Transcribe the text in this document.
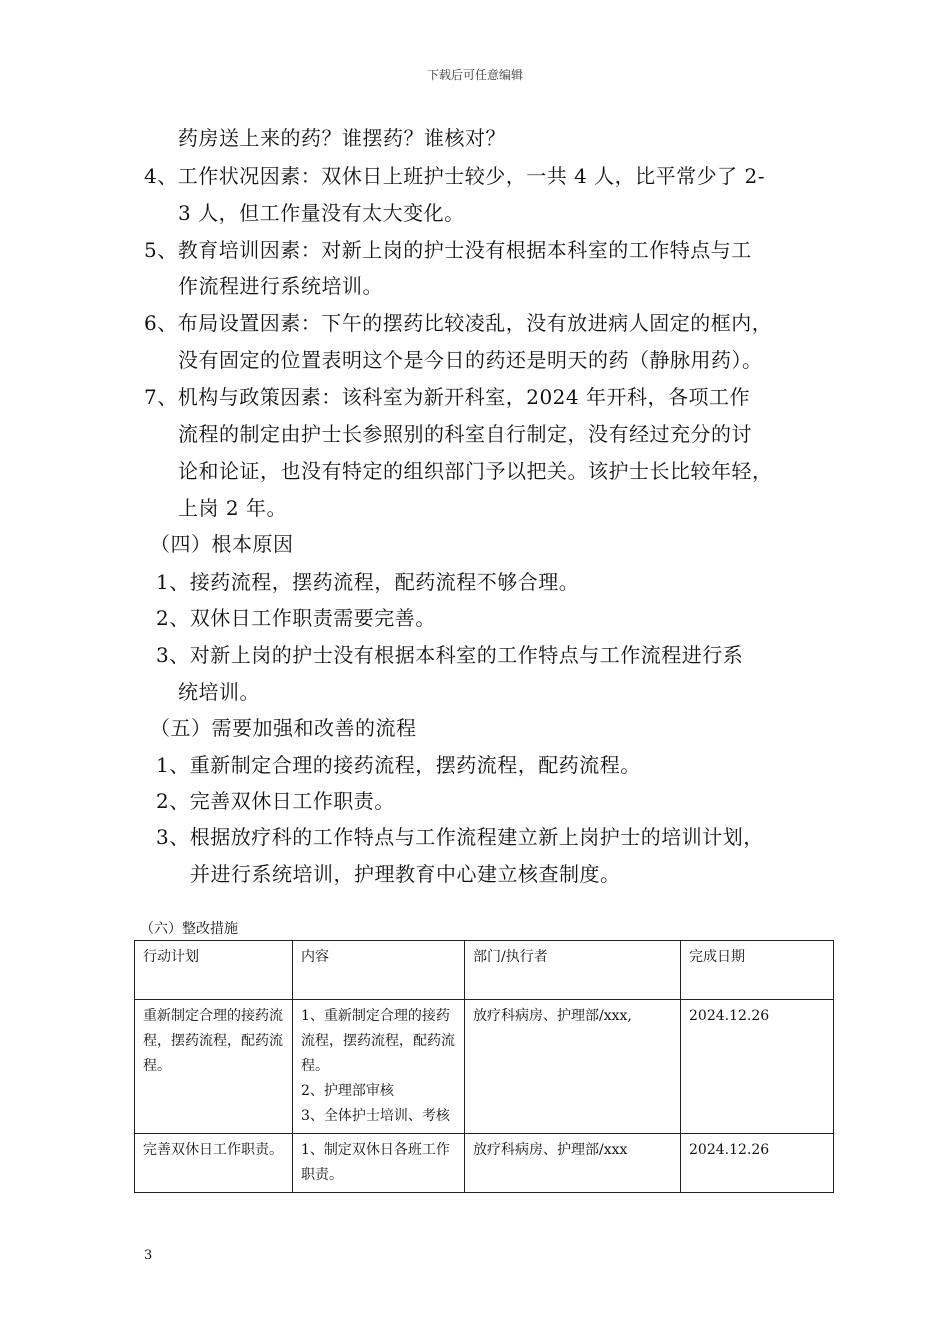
下载后可任意编辑
药房送上来的药？谁摆药？谁核对？
4、工作状况因素：双休日上班护士较少，一共 4 人，比平常少了 2-
3 人，但工作量没有太大变化。
5、教育培训因素：对新上岗的护士没有根据本科室的工作特点与工
作流程进行系统培训。
6、布局设置因素：下午的摆药比较凌乱，没有放进病人固定的框内，
没有固定的位置表明这个是今日的药还是明天的药（静脉用药）。
7、机构与政策因素：该科室为新开科室，2024 年开科，各项工作
流程的制定由护士长参照别的科室自行制定，没有经过充分的讨
论和论证，也没有特定的组织部门予以把关。该护士长比较年轻，
上岗 2 年。
（四）根本原因
1、接药流程，摆药流程，配药流程不够合理。
2、双休日工作职责需要完善。
3、对新上岗的护士没有根据本科室的工作特点与工作流程进行系
统培训。
（五）需要加强和改善的流程
1、重新制定合理的接药流程，摆药流程，配药流程。
2、完善双休日工作职责。
3、根据放疗科的工作特点与工作流程建立新上岗护士的培训计划，
并进行系统培训，护理教育中心建立核查制度。
（六）整改措施
行动计划	内容	部门/执行者	完成日期
重新制定合理的接药流程，摆药流程，配药流程。	1、重新制定合理的接药流程，摆药流程，配药流程。
2、护理部审核
3、全体护士培训、考核	放疗科病房、护理部/xxx,	2024.12.26
完善双休日工作职责。	1、制定双休日各班工作职责。	放疗科病房、护理部/xxx	2024.12.26
3
